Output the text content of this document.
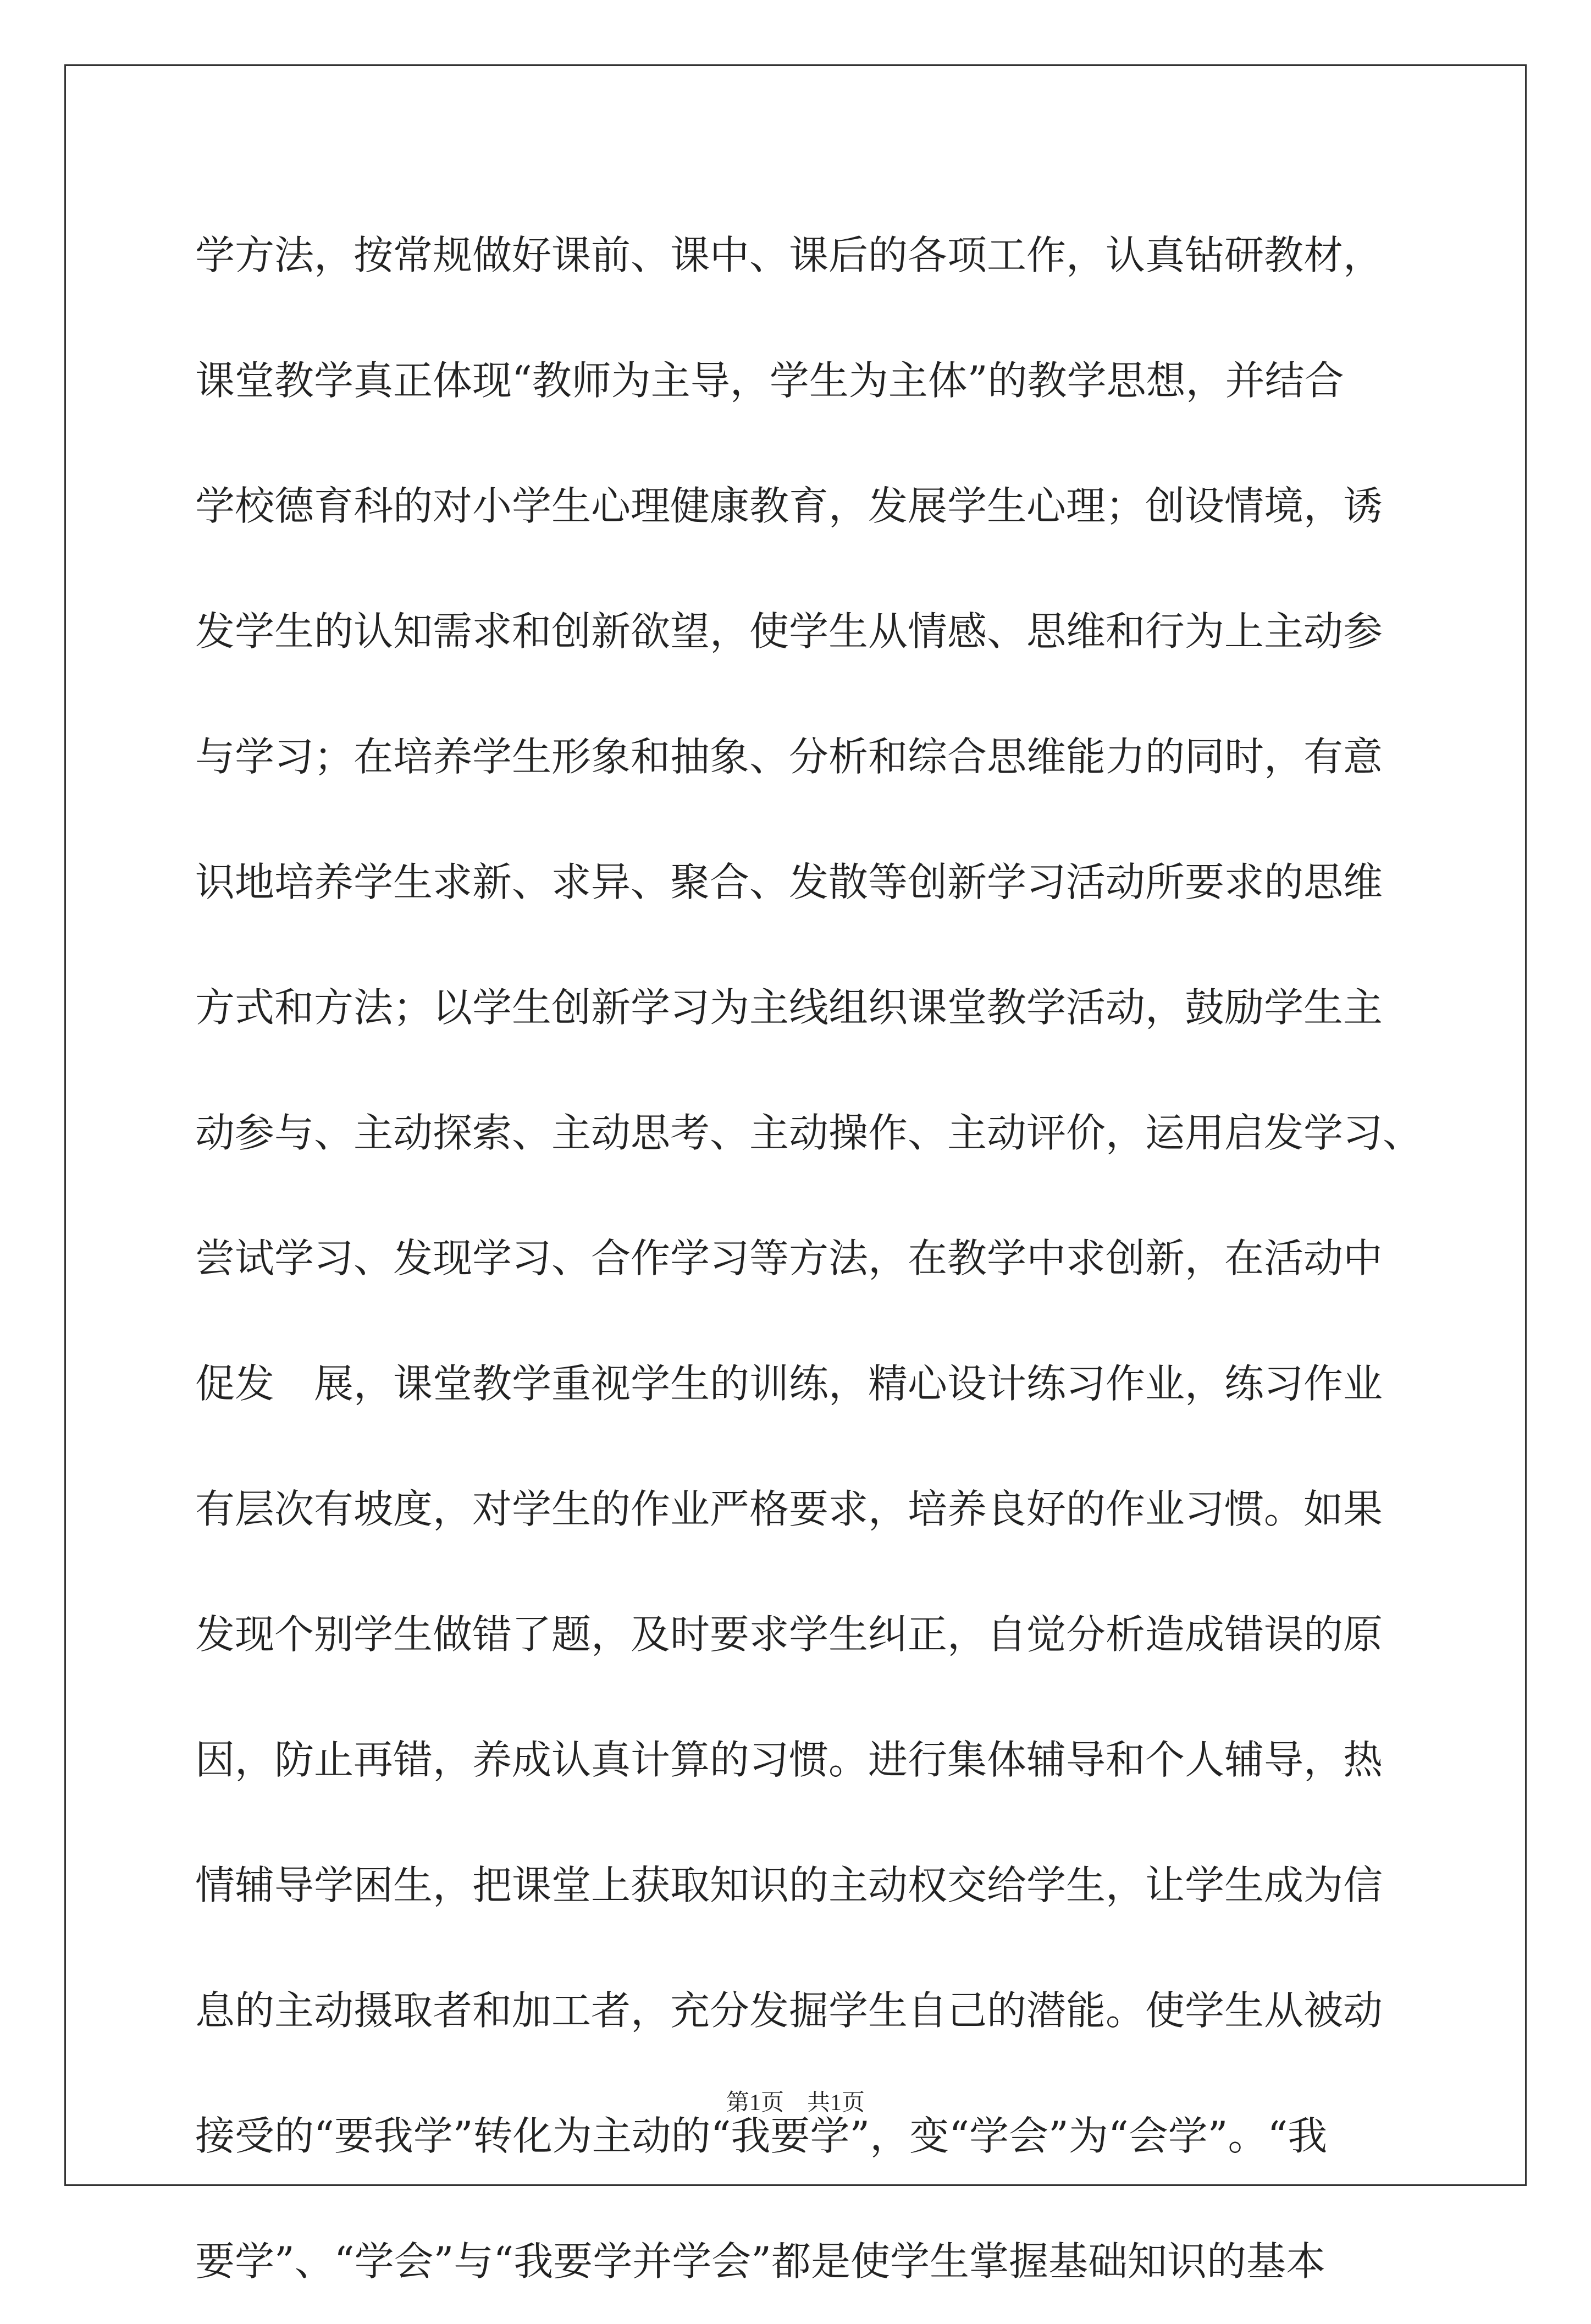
学方法，按常规做好课前、课中、课后的各项工作，认真钻研教材，
课堂教学真正体现“教师为主导，学生为主体”的教学思想，并结合
学校德育科的对小学生心理健康教育，发展学生心理；创设情境，诱
发学生的认知需求和创新欲望，使学生从情感、思维和行为上主动参
与学习；在培养学生形象和抽象、分析和综合思维能力的同时，有意
识地培养学生求新、求异、聚合、发散等创新学习活动所要求的思维
方式和方法；以学生创新学习为主线组织课堂教学活动，鼓励学生主
动参与、主动探索、主动思考、主动操作、主动评价，运用启发学习、
尝试学习、发现学习、合作学习等方法，在教学中求创新，在活动中
促发　展，课堂教学重视学生的训练，精心设计练习作业，练习作业
有层次有坡度，对学生的作业严格要求，培养良好的作业习惯。如果
发现个别学生做错了题，及时要求学生纠正，自觉分析造成错误的原
因，防止再错，养成认真计算的习惯。进行集体辅导和个人辅导，热
情辅导学困生，把课堂上获取知识的主动权交给学生，让学生成为信
息的主动摄取者和加工者，充分发掘学生自己的潜能。使学生从被动
接受的“要我学”转化为主动的“我要学”，变“学会”为“会学”。“我
要学”、“学会”与“我要学并学会”都是使学生掌握基础知识的基本
第1页　共1页
